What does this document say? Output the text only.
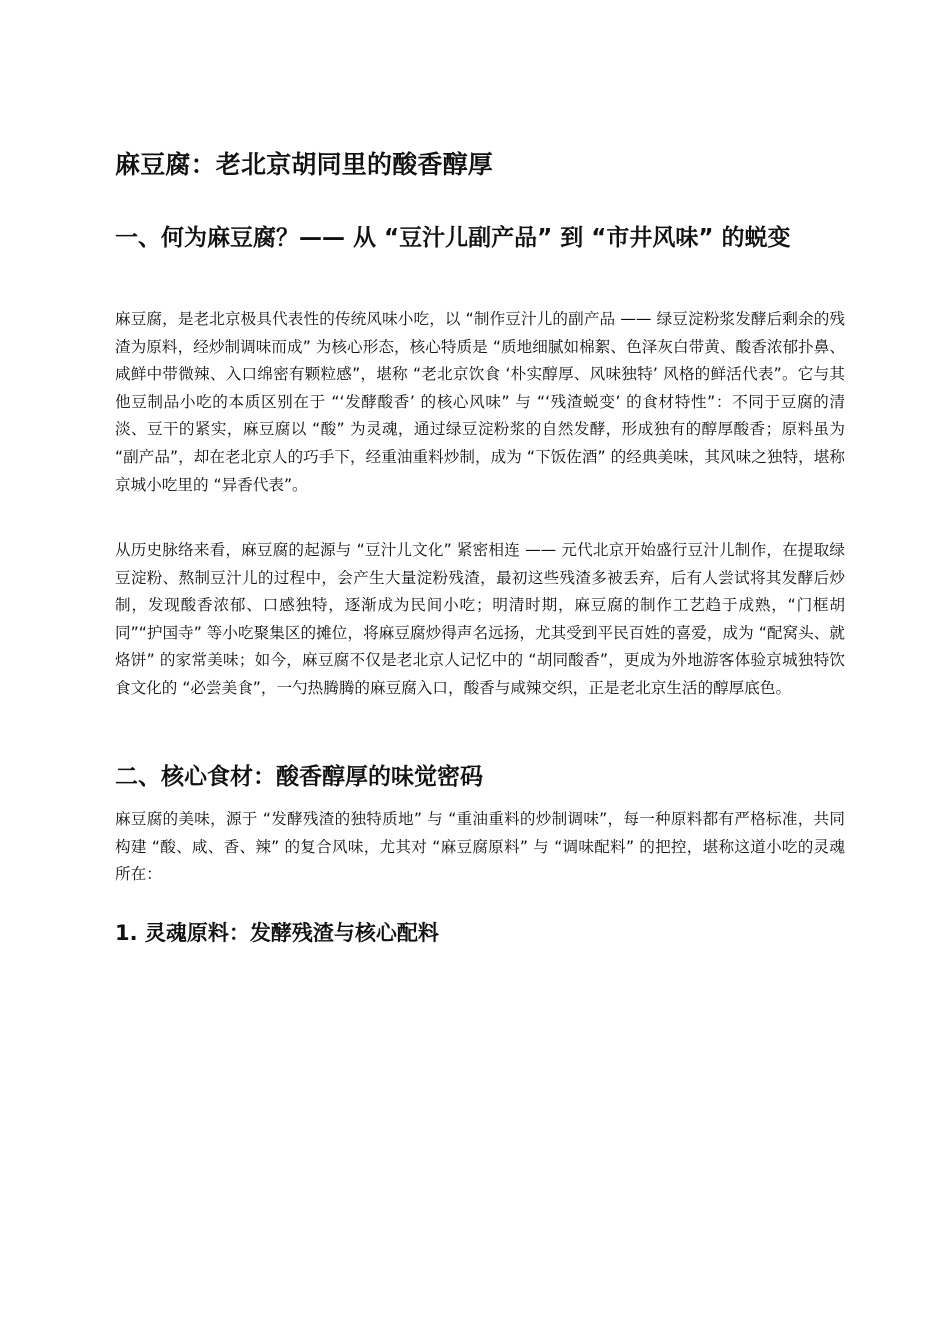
麻豆腐：老北京胡同里的酸香醇厚
一、何为麻豆腐？—— 从 “豆汁儿副产品” 到 “市井风味” 的蜕变

麻豆腐，是老北京极具代表性的传统风味小吃，以 “制作豆汁儿的副产品 —— 绿豆淀粉浆发酵后剩余的残渣为原料，经炒制调味而成” 为核心形态，核心特质是 “质地细腻如棉絮、色泽灰白带黄、酸香浓郁扑鼻、咸鲜中带微辣、入口绵密有颗粒感”，堪称 “老北京饮食 ‘朴实醇厚、风味独特’ 风格的鲜活代表”。它与其他豆制品小吃的本质区别在于 “‘发酵酸香’ 的核心风味” 与 “‘残渣蜕变’ 的食材特性”：不同于豆腐的清淡、豆干的紧实，麻豆腐以 “酸” 为灵魂，通过绿豆淀粉浆的自然发酵，形成独有的醇厚酸香；原料虽为 “副产品”，却在老北京人的巧手下，经重油重料炒制，成为 “下饭佐酒” 的经典美味，其风味之独特，堪称京城小吃里的 “异香代表”。

从历史脉络来看，麻豆腐的起源与 “豆汁儿文化” 紧密相连 —— 元代北京开始盛行豆汁儿制作，在提取绿豆淀粉、熬制豆汁儿的过程中，会产生大量淀粉残渣，最初这些残渣多被丢弃，后有人尝试将其发酵后炒制，发现酸香浓郁、口感独特，逐渐成为民间小吃；明清时期，麻豆腐的制作工艺趋于成熟，“门框胡同”“护国寺” 等小吃聚集区的摊位，将麻豆腐炒得声名远扬，尤其受到平民百姓的喜爱，成为 “配窝头、就烙饼” 的家常美味；如今，麻豆腐不仅是老北京人记忆中的 “胡同酸香”，更成为外地游客体验京城独特饮食文化的 “必尝美食”，一勺热腾腾的麻豆腐入口，酸香与咸辣交织，正是老北京生活的醇厚底色。

二、核心食材：酸香醇厚的味觉密码

麻豆腐的美味，源于 “发酵残渣的独特质地” 与 “重油重料的炒制调味”，每一种原料都有严格标准，共同构建 “酸、咸、香、辣” 的复合风味，尤其对 “麻豆腐原料” 与 “调味配料” 的把控，堪称这道小吃的灵魂所在：

1. 灵魂原料：发酵残渣与核心配料
